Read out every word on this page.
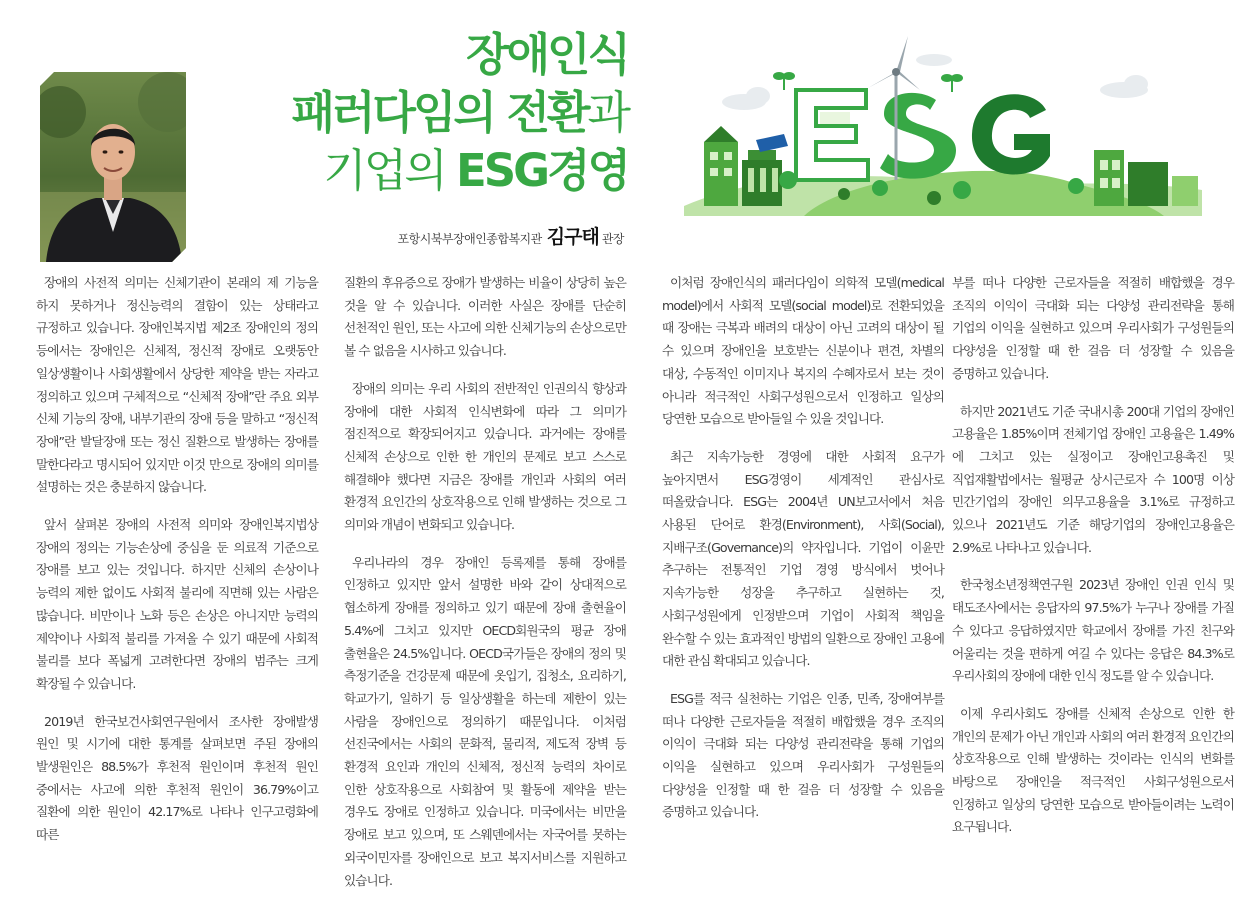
장애인식
패러다임의 전환과
기업의 ESG경영
포항시북부장애인종합복지관 김구태 관장

장애의 사전적 의미는 신체기관이 본래의 제 기능을 하지 못하거나 정신능력의 결함이 있는 상태라고 규정하고 있습니다. 장애인복지법 제2조 장애인의 정의 등에서는 장애인은 신체적, 정신적 장애로 오랫동안 일상생활이나 사회생활에서 상당한 제약을 받는 자라고 정의하고 있으며 구체적으로 “신체적 장애”란 주요 외부 신체 기능의 장애, 내부기관의 장애 등을 말하고 “정신적 장애”란 발달장애 또는 정신 질환으로 발생하는 장애를 말한다라고 명시되어 있지만 이것 만으로 장애의 의미를 설명하는 것은 충분하지 않습니다.

앞서 살펴본 장애의 사전적 의미와 장애인복지법상 장애의 정의는 기능손상에 중심을 둔 의료적 기준으로 장애를 보고 있는 것입니다. 하지만 신체의 손상이나 능력의 제한 없이도 사회적 불리에 직면해 있는 사람은 많습니다. 비만이나 노화 등은 손상은 아니지만 능력의 제약이나 사회적 불리를 가져올 수 있기 때문에 사회적 불리를 보다 폭넓게 고려한다면 장애의 범주는 크게 확장될 수 있습니다.

2019년 한국보건사회연구원에서 조사한 장애발생 원인 및 시기에 대한 통계를 살펴보면 주된 장애의 발생원인은 88.5%가 후천적 원인이며 후천적 원인 중에서는 사고에 의한 후천적 원인이 36.79%이고 질환에 의한 원인이 42.17%로 나타나 인구고령화에 따른

질환의 후유증으로 장애가 발생하는 비율이 상당히 높은 것을 알 수 있습니다. 이러한 사실은 장애를 단순히 선천적인 원인, 또는 사고에 의한 신체기능의 손상으로만 볼 수 없음을 시사하고 있습니다.

장애의 의미는 우리 사회의 전반적인 인권의식 향상과 장애에 대한 사회적 인식변화에 따라 그 의미가 점진적으로 확장되어지고 있습니다. 과거에는 장애를 신체적 손상으로 인한 한 개인의 문제로 보고 스스로 해결해야 했다면 지금은 장애를 개인과 사회의 여러 환경적 요인간의 상호작용으로 인해 발생하는 것으로 그 의미와 개념이 변화되고 있습니다.

우리나라의 경우 장애인 등록제를 통해 장애를 인정하고 있지만 앞서 설명한 바와 같이 상대적으로 협소하게 장애를 정의하고 있기 때문에 장애 출현율이 5.4%에 그치고 있지만 OECD회원국의 평균 장애 출현율은 24.5%입니다. OECD국가들은 장애의 정의 및 측정기준을 건강문제 때문에 옷입기, 집청소, 요리하기, 학교가기, 일하기 등 일상생활을 하는데 제한이 있는 사람을 장애인으로 정의하기 때문입니다. 이처럼 선진국에서는 사회의 문화적, 물리적, 제도적 장벽 등 환경적 요인과 개인의 신체적, 정신적 능력의 차이로 인한 상호작용으로 사회참여 및 활동에 제약을 받는 경우도 장애로 인정하고 있습니다. 미국에서는 비만을 장애로 보고 있으며, 또 스웨덴에서는 자국어를 못하는 외국이민자를 장애인으로 보고 복지서비스를 지원하고 있습니다.

이처럼 장애인식의 패러다임이 의학적 모델(medical model)에서 사회적 모델(social model)로 전환되었을 때 장애는 극복과 배려의 대상이 아닌 고려의 대상이 될 수 있으며 장애인을 보호받는 신분이나 편견, 차별의 대상, 수동적인 이미지나 복지의 수혜자로서 보는 것이 아니라 적극적인 사회구성원으로서 인정하고 일상의 당연한 모습으로 받아들일 수 있을 것입니다.

최근 지속가능한 경영에 대한 사회적 요구가 높아지면서 ESG경영이 세계적인 관심사로 떠올랐습니다. ESG는 2004년 UN보고서에서 처음 사용된 단어로 환경(Environment), 사회(Social), 지배구조(Governance)의 약자입니다. 기업이 이윤만 추구하는 전통적인 기업 경영 방식에서 벗어나 지속가능한 성장을 추구하고 실현하는 것, 사회구성원에게 인정받으며 기업이 사회적 책임을 완수할 수 있는 효과적인 방법의 일환으로 장애인 고용에 대한 관심 확대되고 있습니다.

ESG를 적극 실천하는 기업은 인종, 민족, 장애여부를 떠나 다양한 근로자들을 적절히 배합했을 경우 조직의 이익이 극대화 되는 다양성 관리전략을 통해 기업의 이익을 실현하고 있으며 우리사회가 구성원들의 다양성을 인정할 때 한 걸음 더 성장할 수 있음을 증명하고 있습니다.

부를 떠나 다양한 근로자들을 적절히 배합했을 경우 조직의 이익이 극대화 되는 다양성 관리전략을 통해 기업의 이익을 실현하고 있으며 우리사회가 구성원들의 다양성을 인정할 때 한 걸음 더 성장할 수 있음을 증명하고 있습니다.

하지만 2021년도 기준 국내시총 200대 기업의 장애인 고용율은 1.85%이며 전체기업 장애인 고용율은 1.49%에 그치고 있는 실정이고 장애인고용촉진 및 직업재활법에서는 월평균 상시근로자 수 100명 이상 민간기업의 장애인 의무고용율을 3.1%로 규정하고 있으나 2021년도 기준 해당기업의 장애인고용율은 2.9%로 나타나고 있습니다.

한국청소년정책연구원 2023년 장애인 인권 인식 및 태도조사에서는 응답자의 97.5%가 누구나 장애를 가질 수 있다고 응답하였지만 학교에서 장애를 가진 친구와 어울리는 것을 편하게 여길 수 있다는 응답은 84.3%로 우리사회의 장애에 대한 인식 정도를 알 수 있습니다.

이제 우리사회도 장애를 신체적 손상으로 인한 한 개인의 문제가 아닌 개인과 사회의 여러 환경적 요인간의 상호작용으로 인해 발생하는 것이라는 인식의 변화를 바탕으로 장애인을 적극적인 사회구성원으로서 인정하고 일상의 당연한 모습으로 받아들이려는 노력이 요구됩니다.
